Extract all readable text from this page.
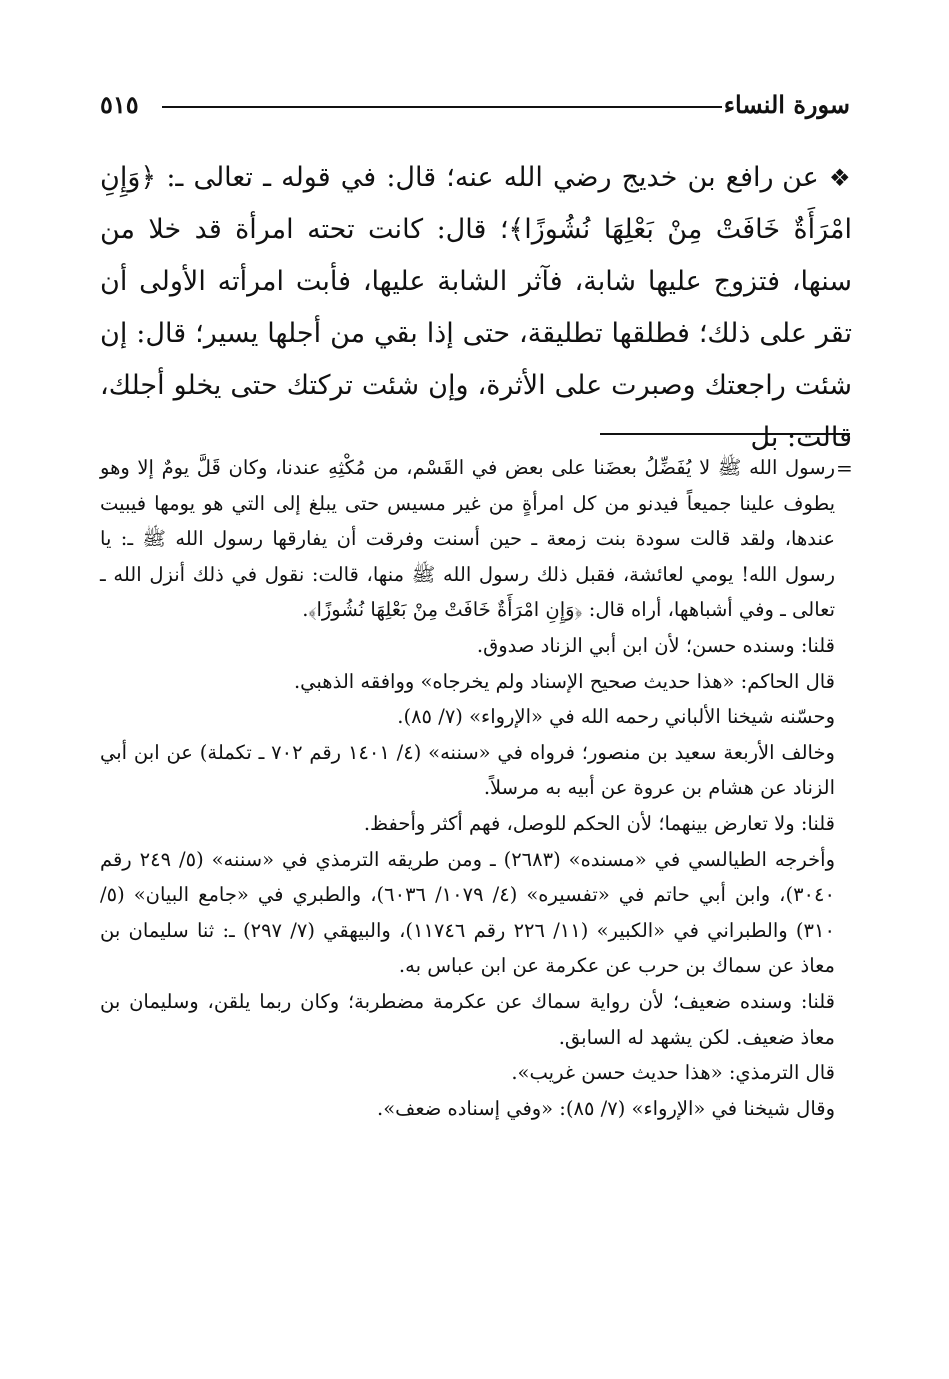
سورة النساء
٥١٥

❖ عن رافع بن خديج رضي الله عنه؛ قال: في قوله ـ تعالى ـ: ﴿وَإِنِ امْرَأَةٌ خَافَتْ مِنْ بَعْلِهَا نُشُوزًا﴾؛ قال: كانت تحته امرأة قد خلا من سنها، فتزوج عليها شابة، فآثر الشابة عليها، فأبت امرأته الأولى أن تقر على ذلك؛ فطلقها تطليقة، حتى إذا بقي من أجلها يسير؛ قال: إن شئت راجعتك وصبرت على الأثرة، وإن شئت تركتك حتى يخلو أجلك، قالت: بل

=

رسول الله ﷺ لا يُفَضِّلُ بعضَنا على بعض في القَسْم، من مُكْثِهِ عندنا، وكان قَلَّ يومٌ إلا وهو يطوف علينا جميعاً فيدنو من كل امرأةٍ من غير مسيس حتى يبلغ إلى التي هو يومها فيبيت عندها، ولقد قالت سودة بنت زمعة ـ حين أسنت وفرقت أن يفارقها رسول الله ﷺ ـ: يا رسول الله! يومي لعائشة، فقبل ذلك رسول الله ﷺ منها، قالت: نقول في ذلك أنزل الله ـ تعالى ـ وفي أشباهها، أراه قال: ﴿وَإِنِ امْرَأَةٌ خَافَتْ مِنْ بَعْلِهَا نُشُوزًا﴾.

قلنا: وسنده حسن؛ لأن ابن أبي الزناد صدوق.

قال الحاكم: «هذا حديث صحيح الإسناد ولم يخرجاه» ووافقه الذهبي.

وحسّنه شيخنا الألباني رحمه الله في «الإرواء» (٧/ ٨٥).

وخالف الأربعة سعيد بن منصور؛ فرواه في «سننه» (٤/ ١٤٠١ رقم ٧٠٢ ـ تكملة) عن ابن أبي الزناد عن هشام بن عروة عن أبيه به مرسلاً.

قلنا: ولا تعارض بينهما؛ لأن الحكم للوصل، فهم أكثر وأحفظ.

وأخرجه الطيالسي في «مسنده» (٢٦٨٣) ـ ومن طريقه الترمذي في «سننه» (٥/ ٢٤٩ رقم ٣٠٤٠)، وابن أبي حاتم في «تفسيره» (٤/ ١٠٧٩/ ٦٠٣٦)، والطبري في «جامع البيان» (٥/ ٣١٠) والطبراني في «الكبير» (١١/ ٢٢٦ رقم ١١٧٤٦)، والبيهقي (٧/ ٢٩٧) ـ: ثنا سليمان بن معاذ عن سماك بن حرب عن عكرمة عن ابن عباس به.

قلنا: وسنده ضعيف؛ لأن رواية سماك عن عكرمة مضطربة؛ وكان ربما يلقن، وسليمان بن معاذ ضعيف. لكن يشهد له السابق.

قال الترمذي: «هذا حديث حسن غريب».

وقال شيخنا في «الإرواء» (٧/ ٨٥): «وفي إسناده ضعف».
